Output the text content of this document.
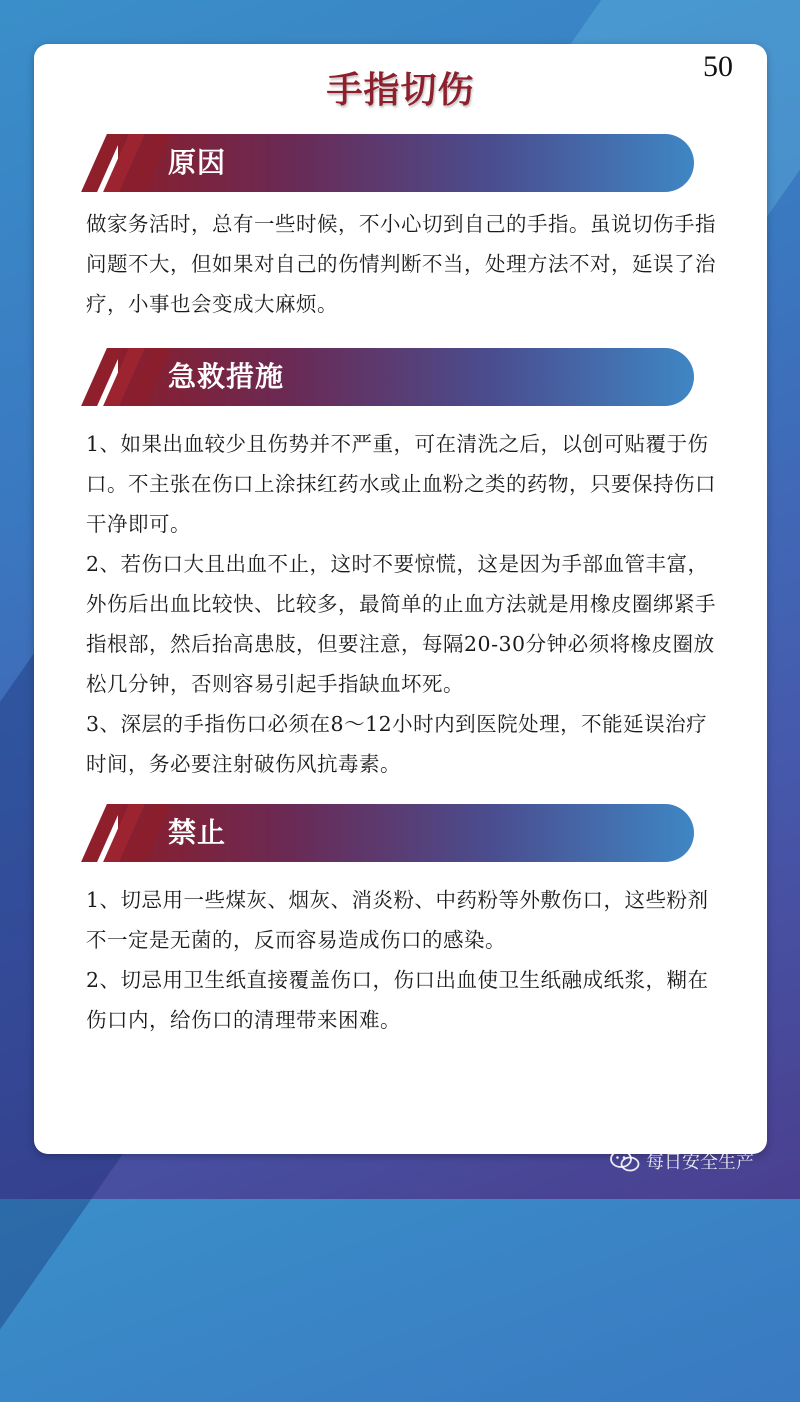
50
手指切伤
原因

做家务活时，总有一些时候，不小心切到自己的手指。虽说切伤手指问题不大，但如果对自己的伤情判断不当，处理方法不对，延误了治疗，小事也会变成大麻烦。

急救措施

1、如果出血较少且伤势并不严重，可在清洗之后，以创可贴覆于伤口。不主张在伤口上涂抹红药水或止血粉之类的药物，只要保持伤口干净即可。

2、若伤口大且出血不止，这时不要惊慌，这是因为手部血管丰富，外伤后出血比较快、比较多，最简单的止血方法就是用橡皮圈绑紧手指根部，然后抬高患肢，但要注意，每隔20-30分钟必须将橡皮圈放松几分钟，否则容易引起手指缺血坏死。

3、深层的手指伤口必须在8～12小时内到医院处理，不能延误治疗时间，务必要注射破伤风抗毒素。

禁止

1、切忌用一些煤灰、烟灰、消炎粉、中药粉等外敷伤口，这些粉剂不一定是无菌的，反而容易造成伤口的感染。

2、切忌用卫生纸直接覆盖伤口，伤口出血使卫生纸融成纸浆，糊在伤口内，给伤口的清理带来困难。

每日安全生产
